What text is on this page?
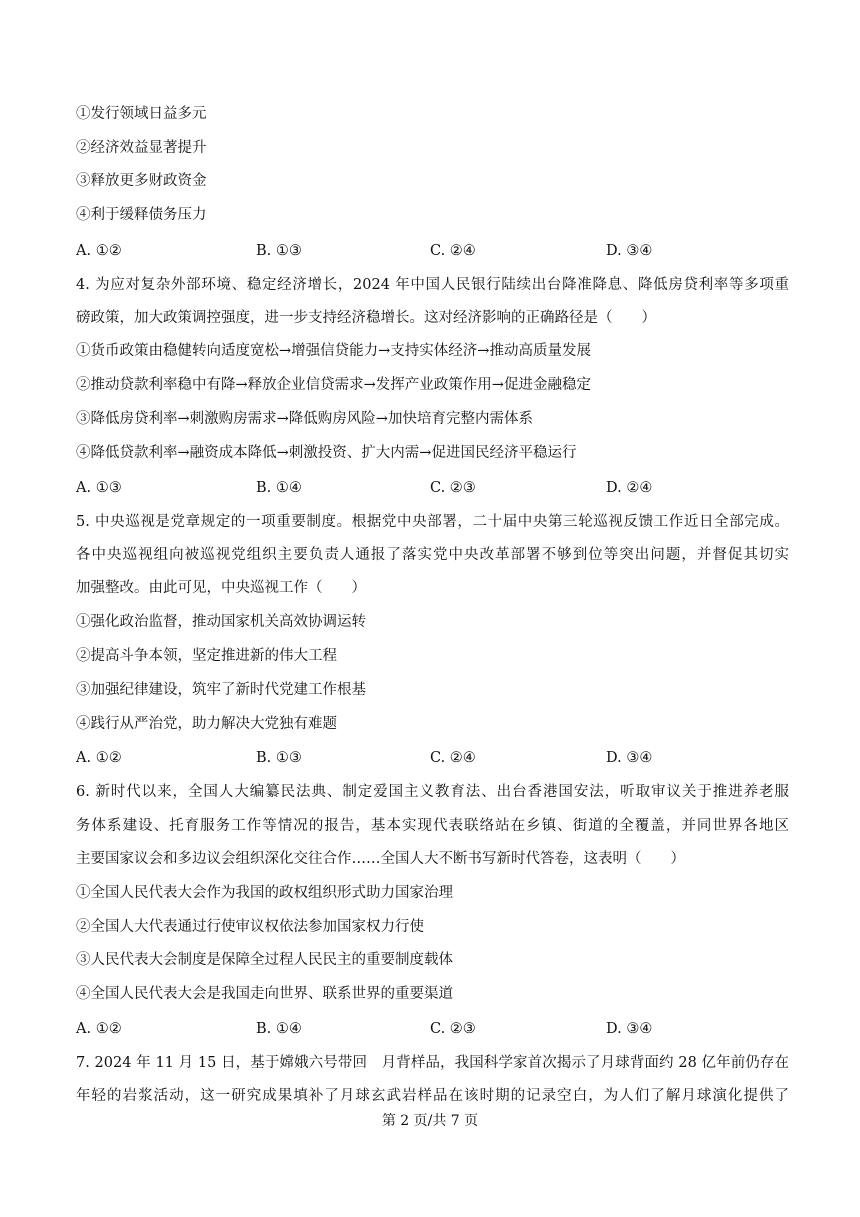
①发行领域日益多元
②经济效益显著提升
③释放更多财政资金
④利于缓释债务压力
A. ①②	B. ①③	C. ②④	D. ③④
4. 为应对复杂外部环境、稳定经济增长，2024 年中国人民银行陆续出台降准降息、降低房贷利率等多项重
磅政策，加大政策调控强度，进一步支持经济稳增长。这对经济影响的正确路径是（　　）
①货币政策由稳健转向适度宽松→增强信贷能力→支持实体经济→推动高质量发展
②推动贷款利率稳中有降→释放企业信贷需求→发挥产业政策作用→促进金融稳定
③降低房贷利率→刺激购房需求→降低购房风险→加快培育完整内需体系
④降低贷款利率→融资成本降低→刺激投资、扩大内需→促进国民经济平稳运行
A. ①③	B. ①④	C. ②③	D. ②④
5. 中央巡视是党章规定的一项重要制度。根据党中央部署，二十届中央第三轮巡视反馈工作近日全部完成。
各中央巡视组向被巡视党组织主要负责人通报了落实党中央改革部署不够到位等突出问题，并督促其切实
加强整改。由此可见，中央巡视工作（　　）
①强化政治监督，推动国家机关高效协调运转
②提高斗争本领，坚定推进新的伟大工程
③加强纪律建设，筑牢了新时代党建工作根基
④践行从严治党，助力解决大党独有难题
A. ①②	B. ①③	C. ②④	D. ③④
6. 新时代以来，全国人大编纂民法典、制定爱国主义教育法、出台香港国安法，听取审议关于推进养老服
务体系建设、托育服务工作等情况的报告，基本实现代表联络站在乡镇、街道的全覆盖，并同世界各地区
主要国家议会和多边议会组织深化交往合作……全国人大不断书写新时代答卷，这表明（　　）
①全国人民代表大会作为我国的政权组织形式助力国家治理
②全国人大代表通过行使审议权依法参加国家权力行使
③人民代表大会制度是保障全过程人民民主的重要制度载体
④全国人民代表大会是我国走向世界、联系世界的重要渠道
A. ①②	B. ①④	C. ②③	D. ③④
7. 2024 年 11 月 15 日，基于嫦娥六号带回　月背样品，我国科学家首次揭示了月球背面约 28 亿年前仍存在
年轻的岩浆活动，这一研究成果填补了月球玄武岩样品在该时期的记录空白，为人们了解月球演化提供了
第 2 页/共 7 页
